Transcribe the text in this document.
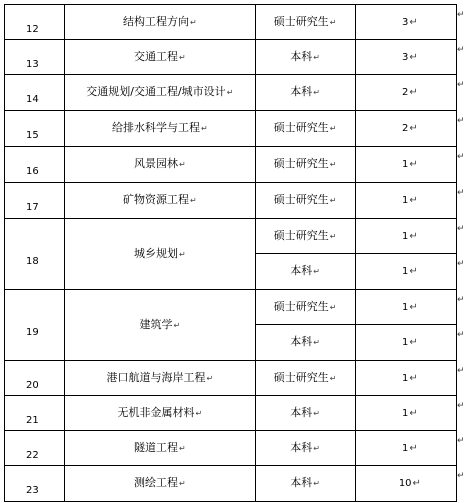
12	结构工程方向↵	硕士研究生↵	3↵
13	交通工程↵	本科↵	3↵
14	交通规划/交通工程/城市设计↵	本科↵	2↵
15	给排水科学与工程↵	硕士研究生↵	2↵
16	风景园林↵	硕士研究生↵	1↵
17	矿物资源工程↵	硕士研究生↵	1↵
18	城乡规划↵	硕士研究生↵	1↵
		本科↵	1↵
19	建筑学↵	硕士研究生↵	1↵
		本科↵	1↵
20	港口航道与海岸工程↵	硕士研究生↵	1↵
21	无机非金属材料↵	本科↵	1↵
22	隧道工程↵	本科↵	1↵
23	测绘工程↵	本科↵	10↵
↵
↵
↵
↵
↵
↵
↵
↵
↵
↵
↵
↵
↵
↵
